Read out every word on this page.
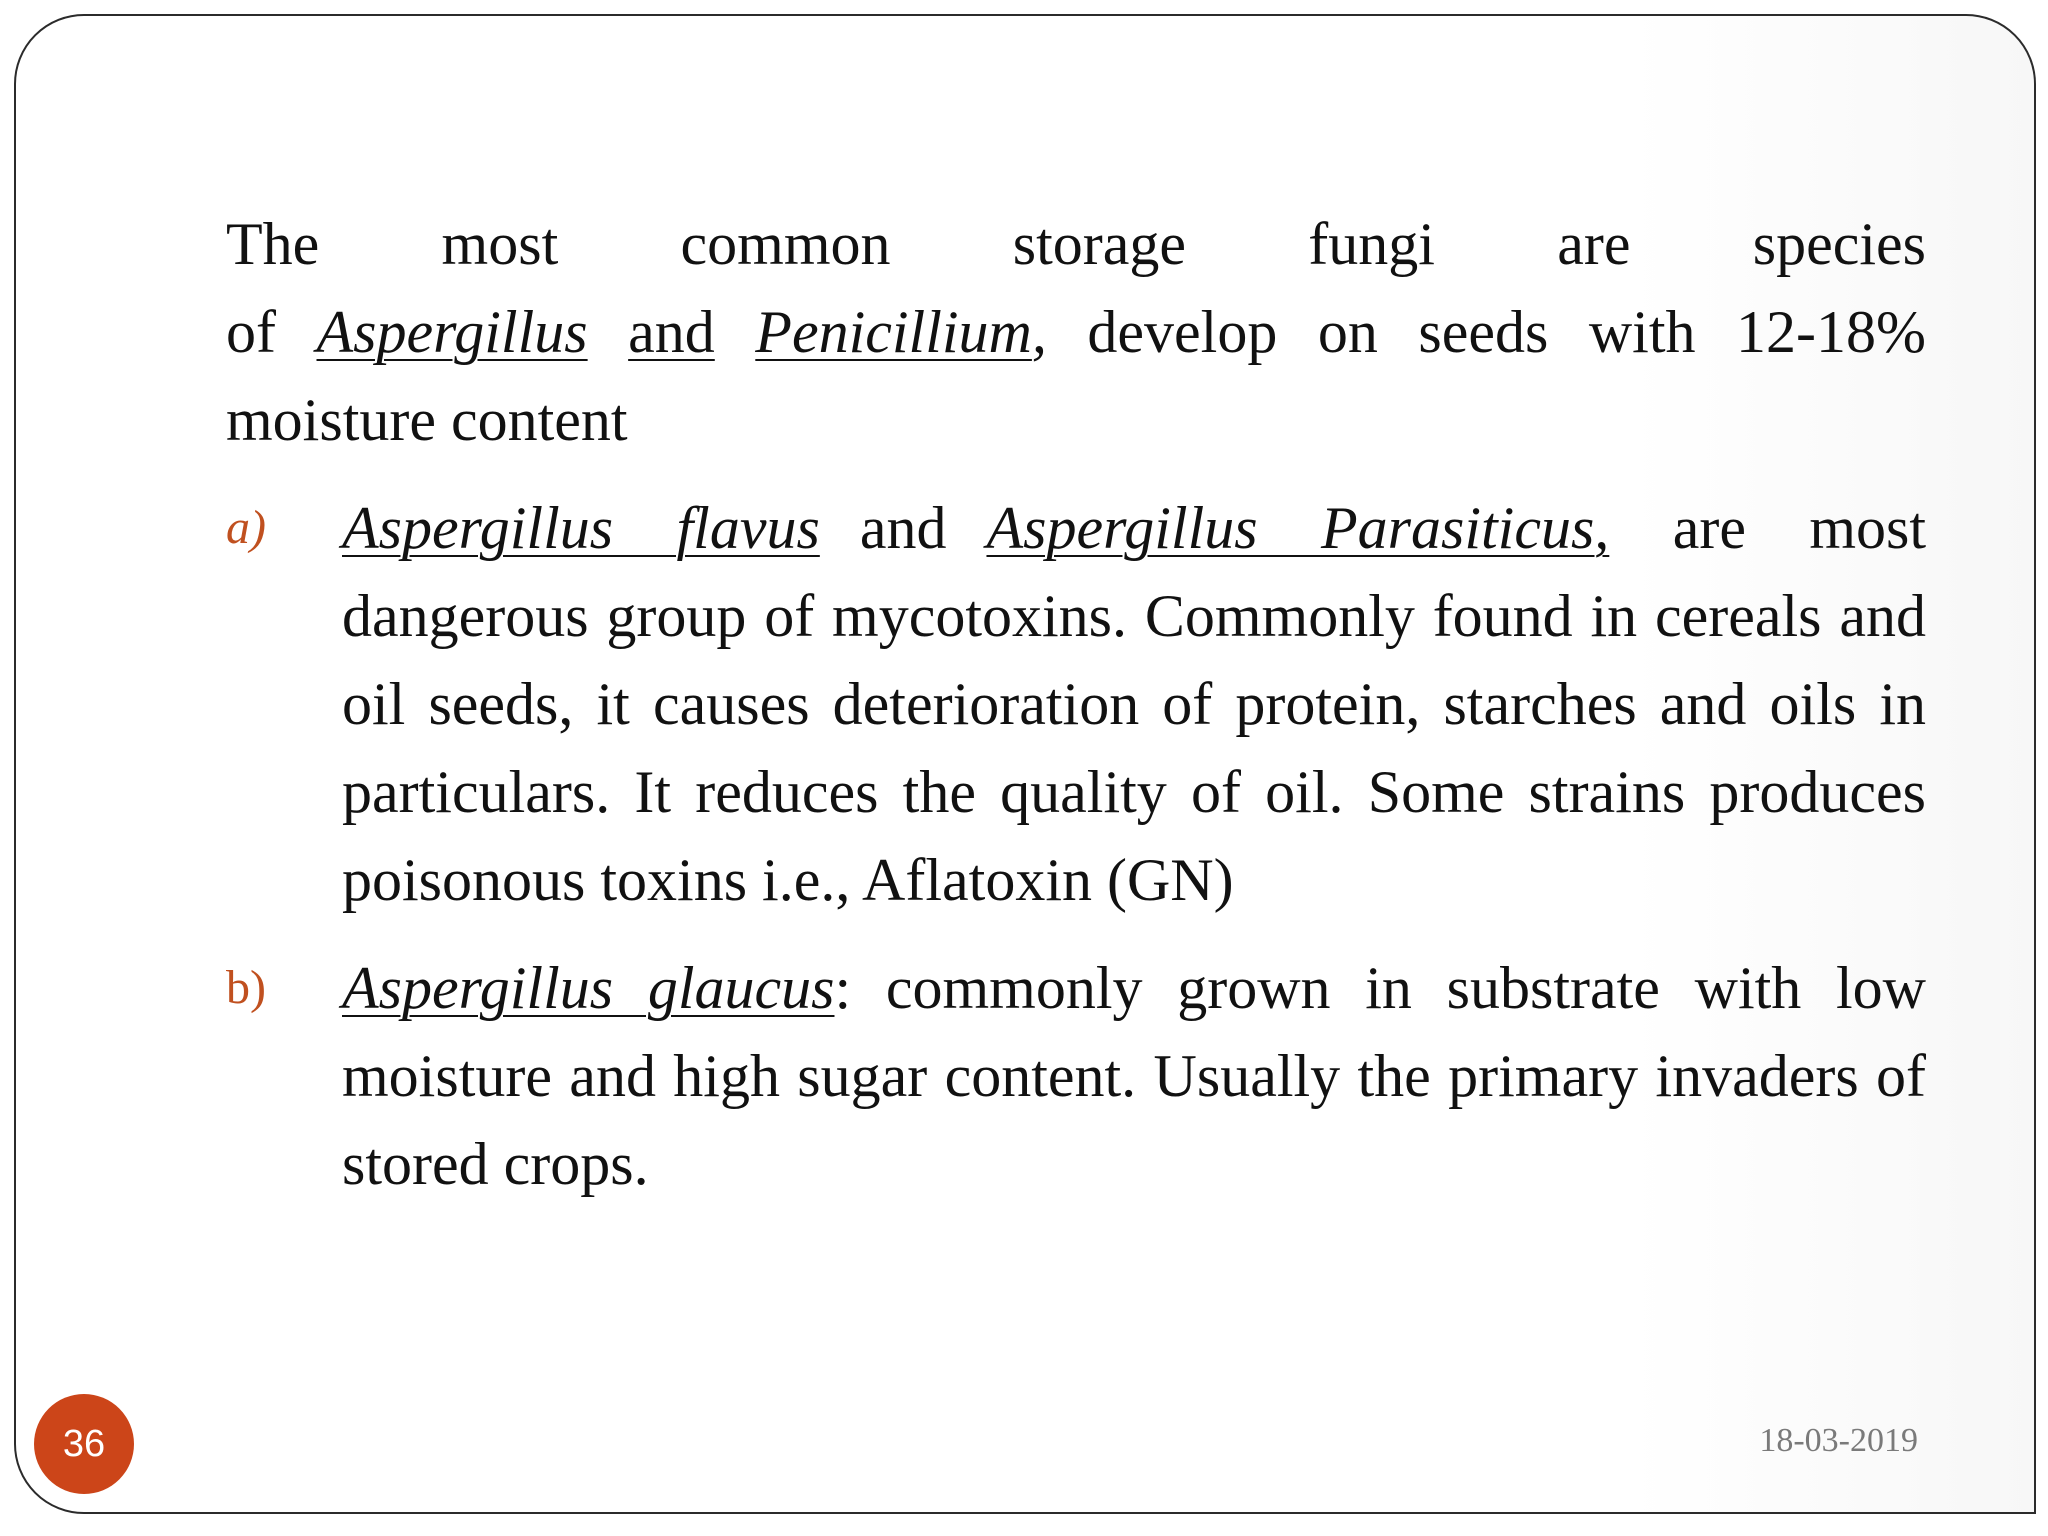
The most common storage fungi are species
of Aspergillus and Penicillium, develop on seeds with 12-18% moisture content
a) Aspergillus flavus and Aspergillus Parasiticus, are most dangerous group of mycotoxins. Commonly found in cereals and oil seeds, it causes deterioration of protein, starches and oils in particulars. It reduces the quality of oil. Some strains produces poisonous toxins i.e., Aflatoxin (GN)
b) Aspergillus glaucus: commonly grown in substrate with low moisture and high sugar content. Usually the primary invaders of stored crops.
36	18-03-2019
